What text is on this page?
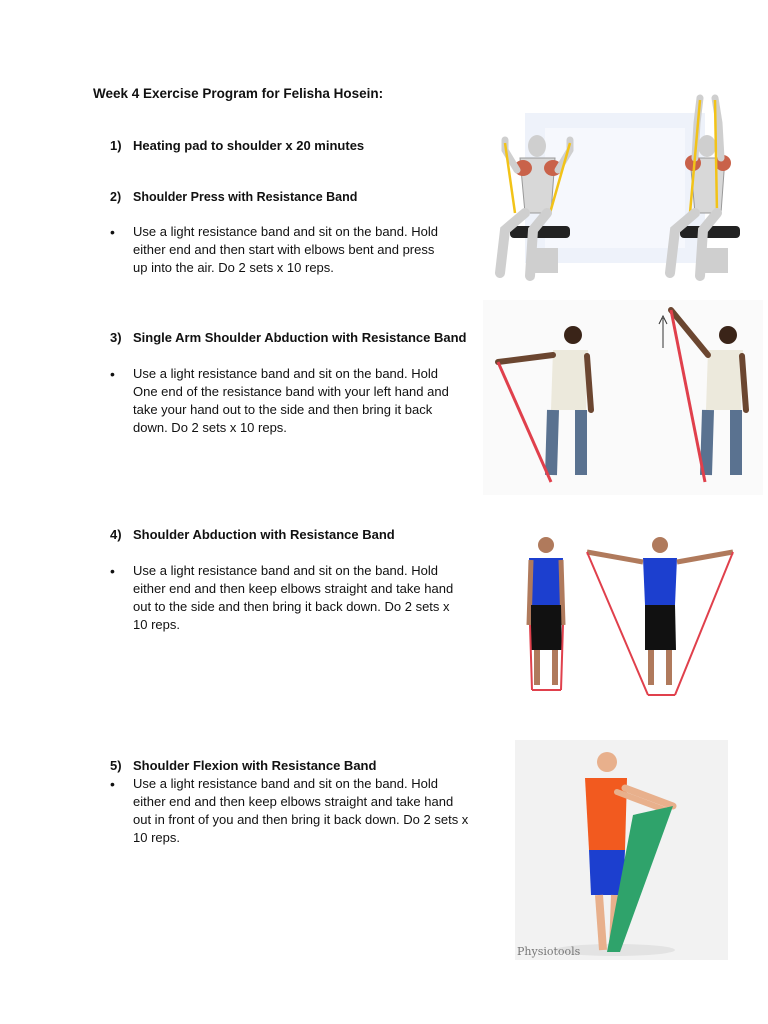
Week 4 Exercise Program for Felisha Hosein:
1) Heating pad to shoulder x 20 minutes
2) Shoulder Press with Resistance Band
• Use a light resistance band and sit on the band. Hold
either end and then start with elbows bent and press
up into the air. Do 2 sets x 10 reps.
3) Single Arm Shoulder Abduction with Resistance Band
• Use a light resistance band and sit on the band. Hold
One end of the resistance band with your left hand and
take your hand out to the side and then bring it back
down. Do 2 sets x 10 reps.
4) Shoulder Abduction with Resistance Band
• Use a light resistance band and sit on the band. Hold
either end and then keep elbows straight and take hand
out to the side and then bring it back down. Do 2 sets x
10 reps.
5) Shoulder Flexion with Resistance Band
• Use a light resistance band and sit on the band. Hold
either end and then keep elbows straight and take hand
out in front of you and then bring it back down. Do 2 sets x
10 reps.
Physiotools
